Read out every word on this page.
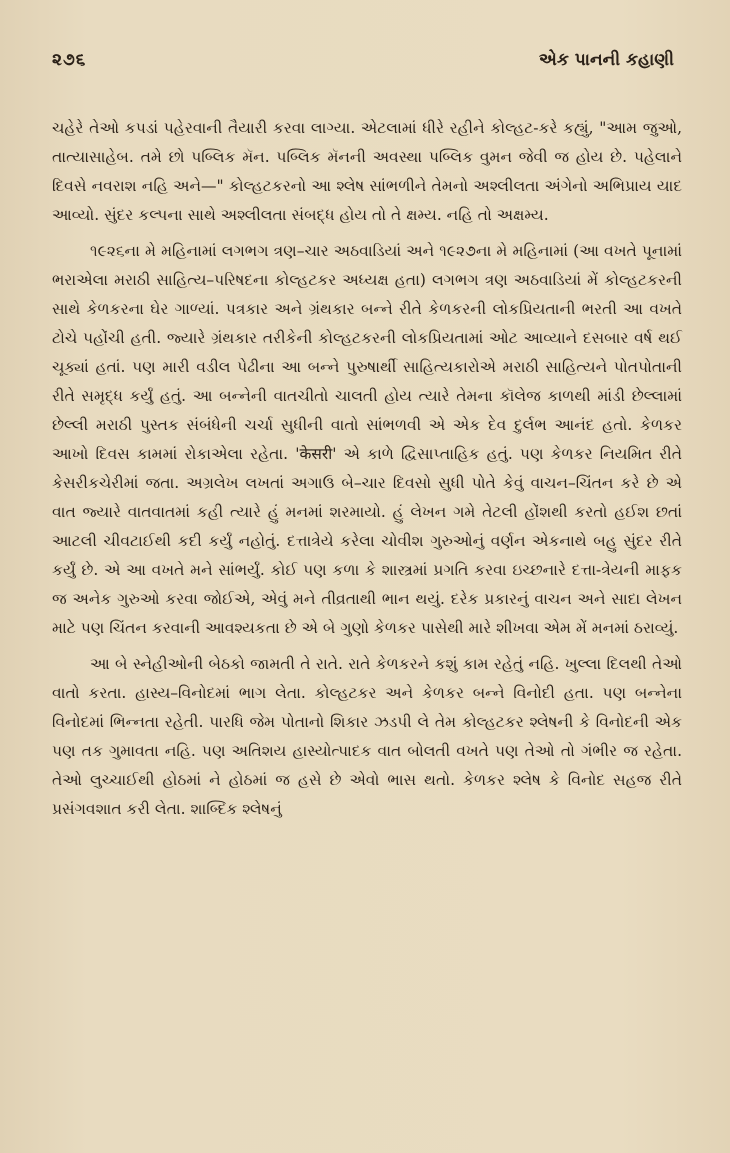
૨૭૬	એક પાનની કહાણી

ચહેરે તેઓ કપડાં પહેરવાની તૈયારી કરવા લાગ્યા. એટલામાં ધીરે રહીને કોલ્હટ-કરે કહ્યું, "આમ જુઓ, તાત્યાસાહેબ. તમે છો પબ્લિક મૅન. પબ્લિક મૅનની અવસ્થા પબ્લિક વુમન જેવી જ હોય છે. પહેલાને દિવસે નવરાશ નહિ અને—" કોલ્હટકરનો આ શ્લેષ સાંભળીને તેમનો અશ્લીલતા અંગેનો અભિપ્રાય યાદ આવ્યો. સુંદર કલ્પના સાથે અશ્લીલતા સંબદ્ધ હોય તો તે ક્ષમ્ય. નહિ તો અક્ષમ્ય.

૧૯૨૬ના મે મહિનામાં લગભગ ત્રણ–ચાર અઠવાડિયાં અને ૧૯૨૭ના મે મહિનામાં (આ વખતે પૂનામાં ભરાએલા મરાઠી સાહિત્ય–પરિષદના કોલ્હટકર અધ્યક્ષ હતા) લગભગ ત્રણ અઠવાડિયાં મેં કોલ્હટકરની સાથે કેળકરના ઘેર ગાળ્યાં. પત્રકાર અને ગ્રંથકાર બન્ને રીતે કેળકરની લોકપ્રિયતાની ભરતી આ વખતે ટોચે પહોંચી હતી. જ્યારે ગ્રંથકાર તરીકેની કોલ્હટકરની લોકપ્રિયતામાં ઓટ આવ્યાને દસબાર વર્ષ થઈ ચૂક્યાં હતાં. પણ મારી વડીલ પેઢીના આ બન્ને પુરુષાર્થી સાહિત્યકારોએ મરાઠી સાહિત્યને પોતપોતાની રીતે સમૃદ્ધ કર્યું હતું. આ બન્નેની વાતચીતો ચાલતી હોય ત્યારે તેમના કૉલેજ કાળથી માંડી છેલ્લામાં છેલ્લી મરાઠી પુસ્તક સંબંધેની ચર્ચા સુધીની વાતો સાંભળવી એ એક દેવ દુર્લભ આનંદ હતો. કેળકર આખો દિવસ કામમાં રોકાએલા રહેતા. 'केसरी' એ કાળે દ્વિસાપ્તાહિક હતું. પણ કેળકર નિયમિત રીતે કેસરીકચેરીમાં જતા. અગ્રલેખ લખતાં અગાઉ બે–ચાર દિવસો સુધી પોતે કેવું વાચન–ચિંતન કરે છે એ વાત જ્યારે વાતવાતમાં કહી ત્યારે હું મનમાં શરમાયો. હું લેખન ગમે તેટલી હોંશથી કરતો હઈશ છતાં આટલી ચીવટાઈથી કદી કર્યું નહોતું. દત્તાત્રેયે કરેલા ચોવીશ ગુરુઓનું વર્ણન એકનાથે બહુ સુંદર રીતે કર્યું છે. એ આ વખતે મને સાંભર્યું. કોઈ પણ કળા કે શાસ્ત્રમાં પ્રગતિ કરવા ઇચ્છનારે દત્તા-ત્રેયની માફક જ અનેક ગુરુઓ કરવા જોઈએ, એવું મને તીવ્રતાથી ભાન થયું. દરેક પ્રકારનું વાચન અને સાદા લેખન માટે પણ ચિંતન કરવાની આવશ્યકતા છે એ બે ગુણો કેળકર પાસેથી મારે શીખવા એમ મેં મનમાં ઠરાવ્યું.

આ બે સ્નેહીઓની બેઠકો જામતી તે રાતે. રાતે કેળકરને કશું કામ રહેતું નહિ. ખુલ્લા દિલથી તેઓ વાતો કરતા. હાસ્ય–વિનોદમાં ભાગ લેતા. કોલ્હટકર અને કેળકર બન્ને વિનોદી હતા. પણ બન્નેના વિનોદમાં ભિન્નતા રહેતી. પારધિ જેમ પોતાનો શિકાર ઝડપી લે તેમ કોલ્હટકર શ્લેષની કે વિનોદની એક પણ તક ગુમાવતા નહિ. પણ અતિશય હાસ્યોત્પાદક વાત બોલતી વખતે પણ તેઓ તો ગંભીર જ રહેતા. તેઓ લુચ્ચાઈથી હોઠમાં ને હોઠમાં જ હસે છે એવો ભાસ થતો. કેળકર શ્લેષ કે વિનોદ સહજ રીતે પ્રસંગવશાત કરી લેતા. શાબ્દિક શ્લેષનું
